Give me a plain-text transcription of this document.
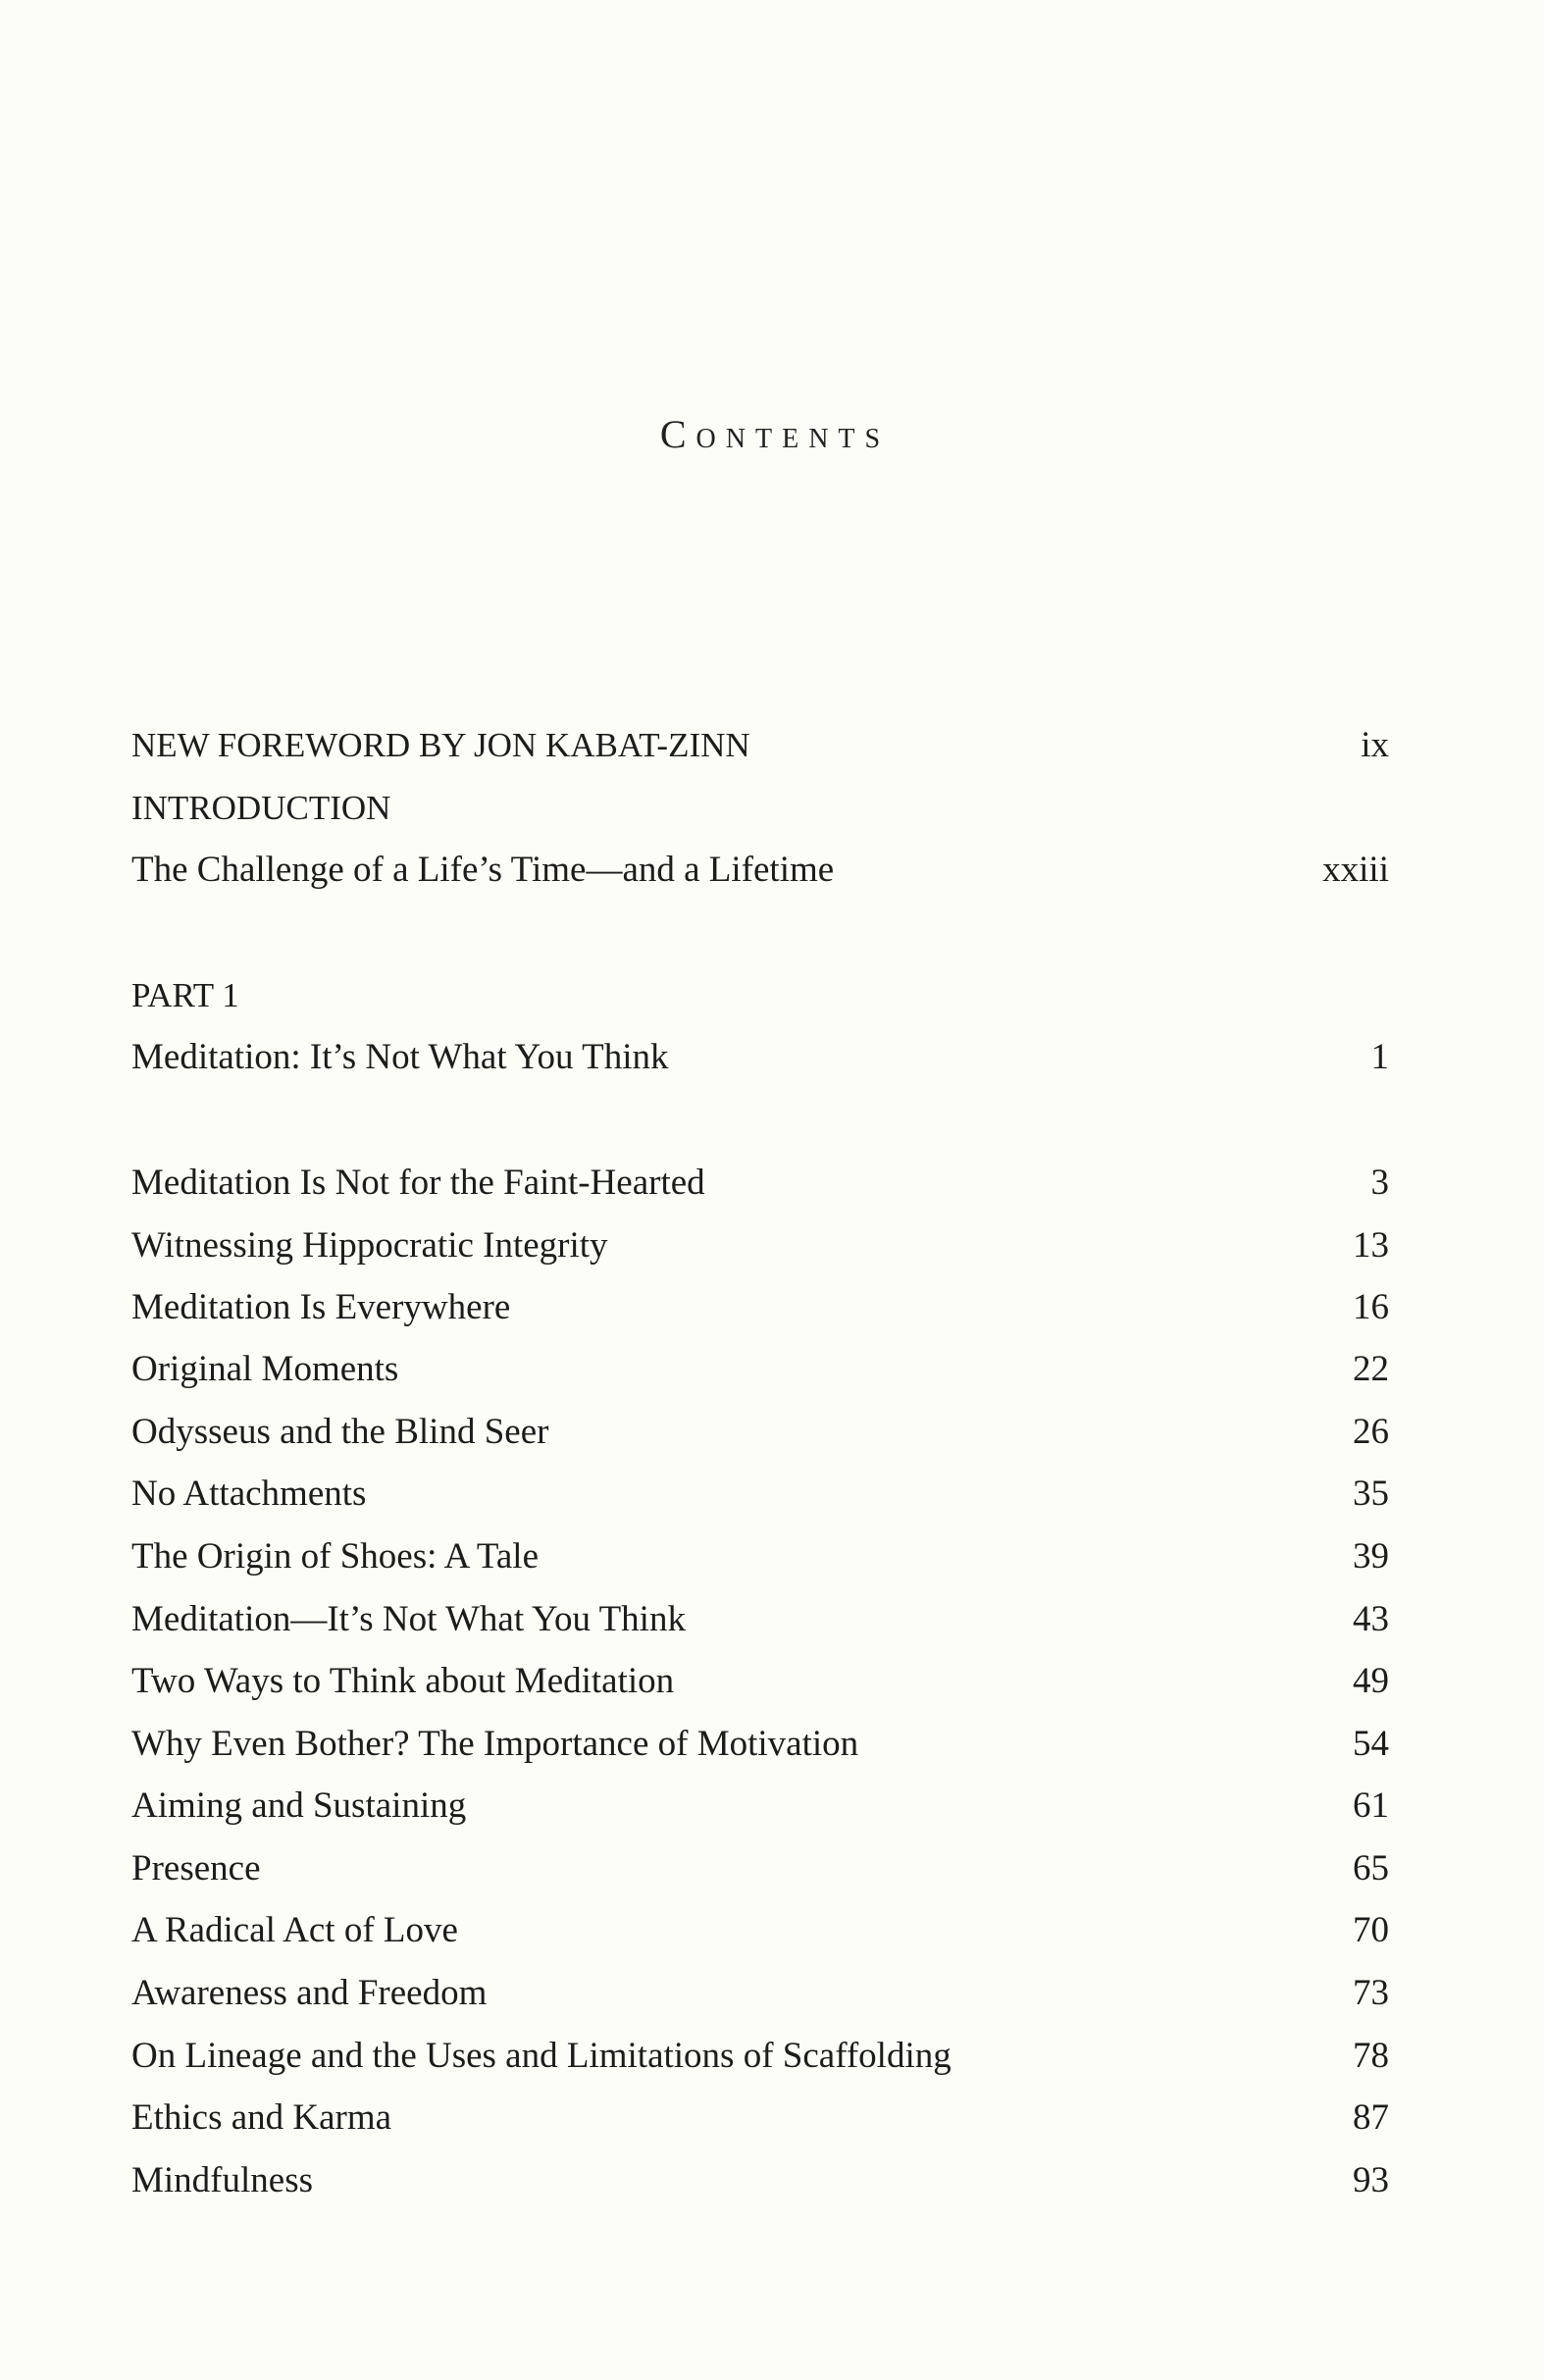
Contents
NEW FOREWORD BY JON KABAT-ZINN	ix
INTRODUCTION
The Challenge of a Life’s Time—and a Lifetime	xxiii
PART 1
Meditation: It’s Not What You Think	1
Meditation Is Not for the Faint-Hearted	3
Witnessing Hippocratic Integrity	13
Meditation Is Everywhere	16
Original Moments	22
Odysseus and the Blind Seer	26
No Attachments	35
The Origin of Shoes: A Tale	39
Meditation—It’s Not What You Think	43
Two Ways to Think about Meditation	49
Why Even Bother? The Importance of Motivation	54
Aiming and Sustaining	61
Presence	65
A Radical Act of Love	70
Awareness and Freedom	73
On Lineage and the Uses and Limitations of Scaffolding	78
Ethics and Karma	87
Mindfulness	93
